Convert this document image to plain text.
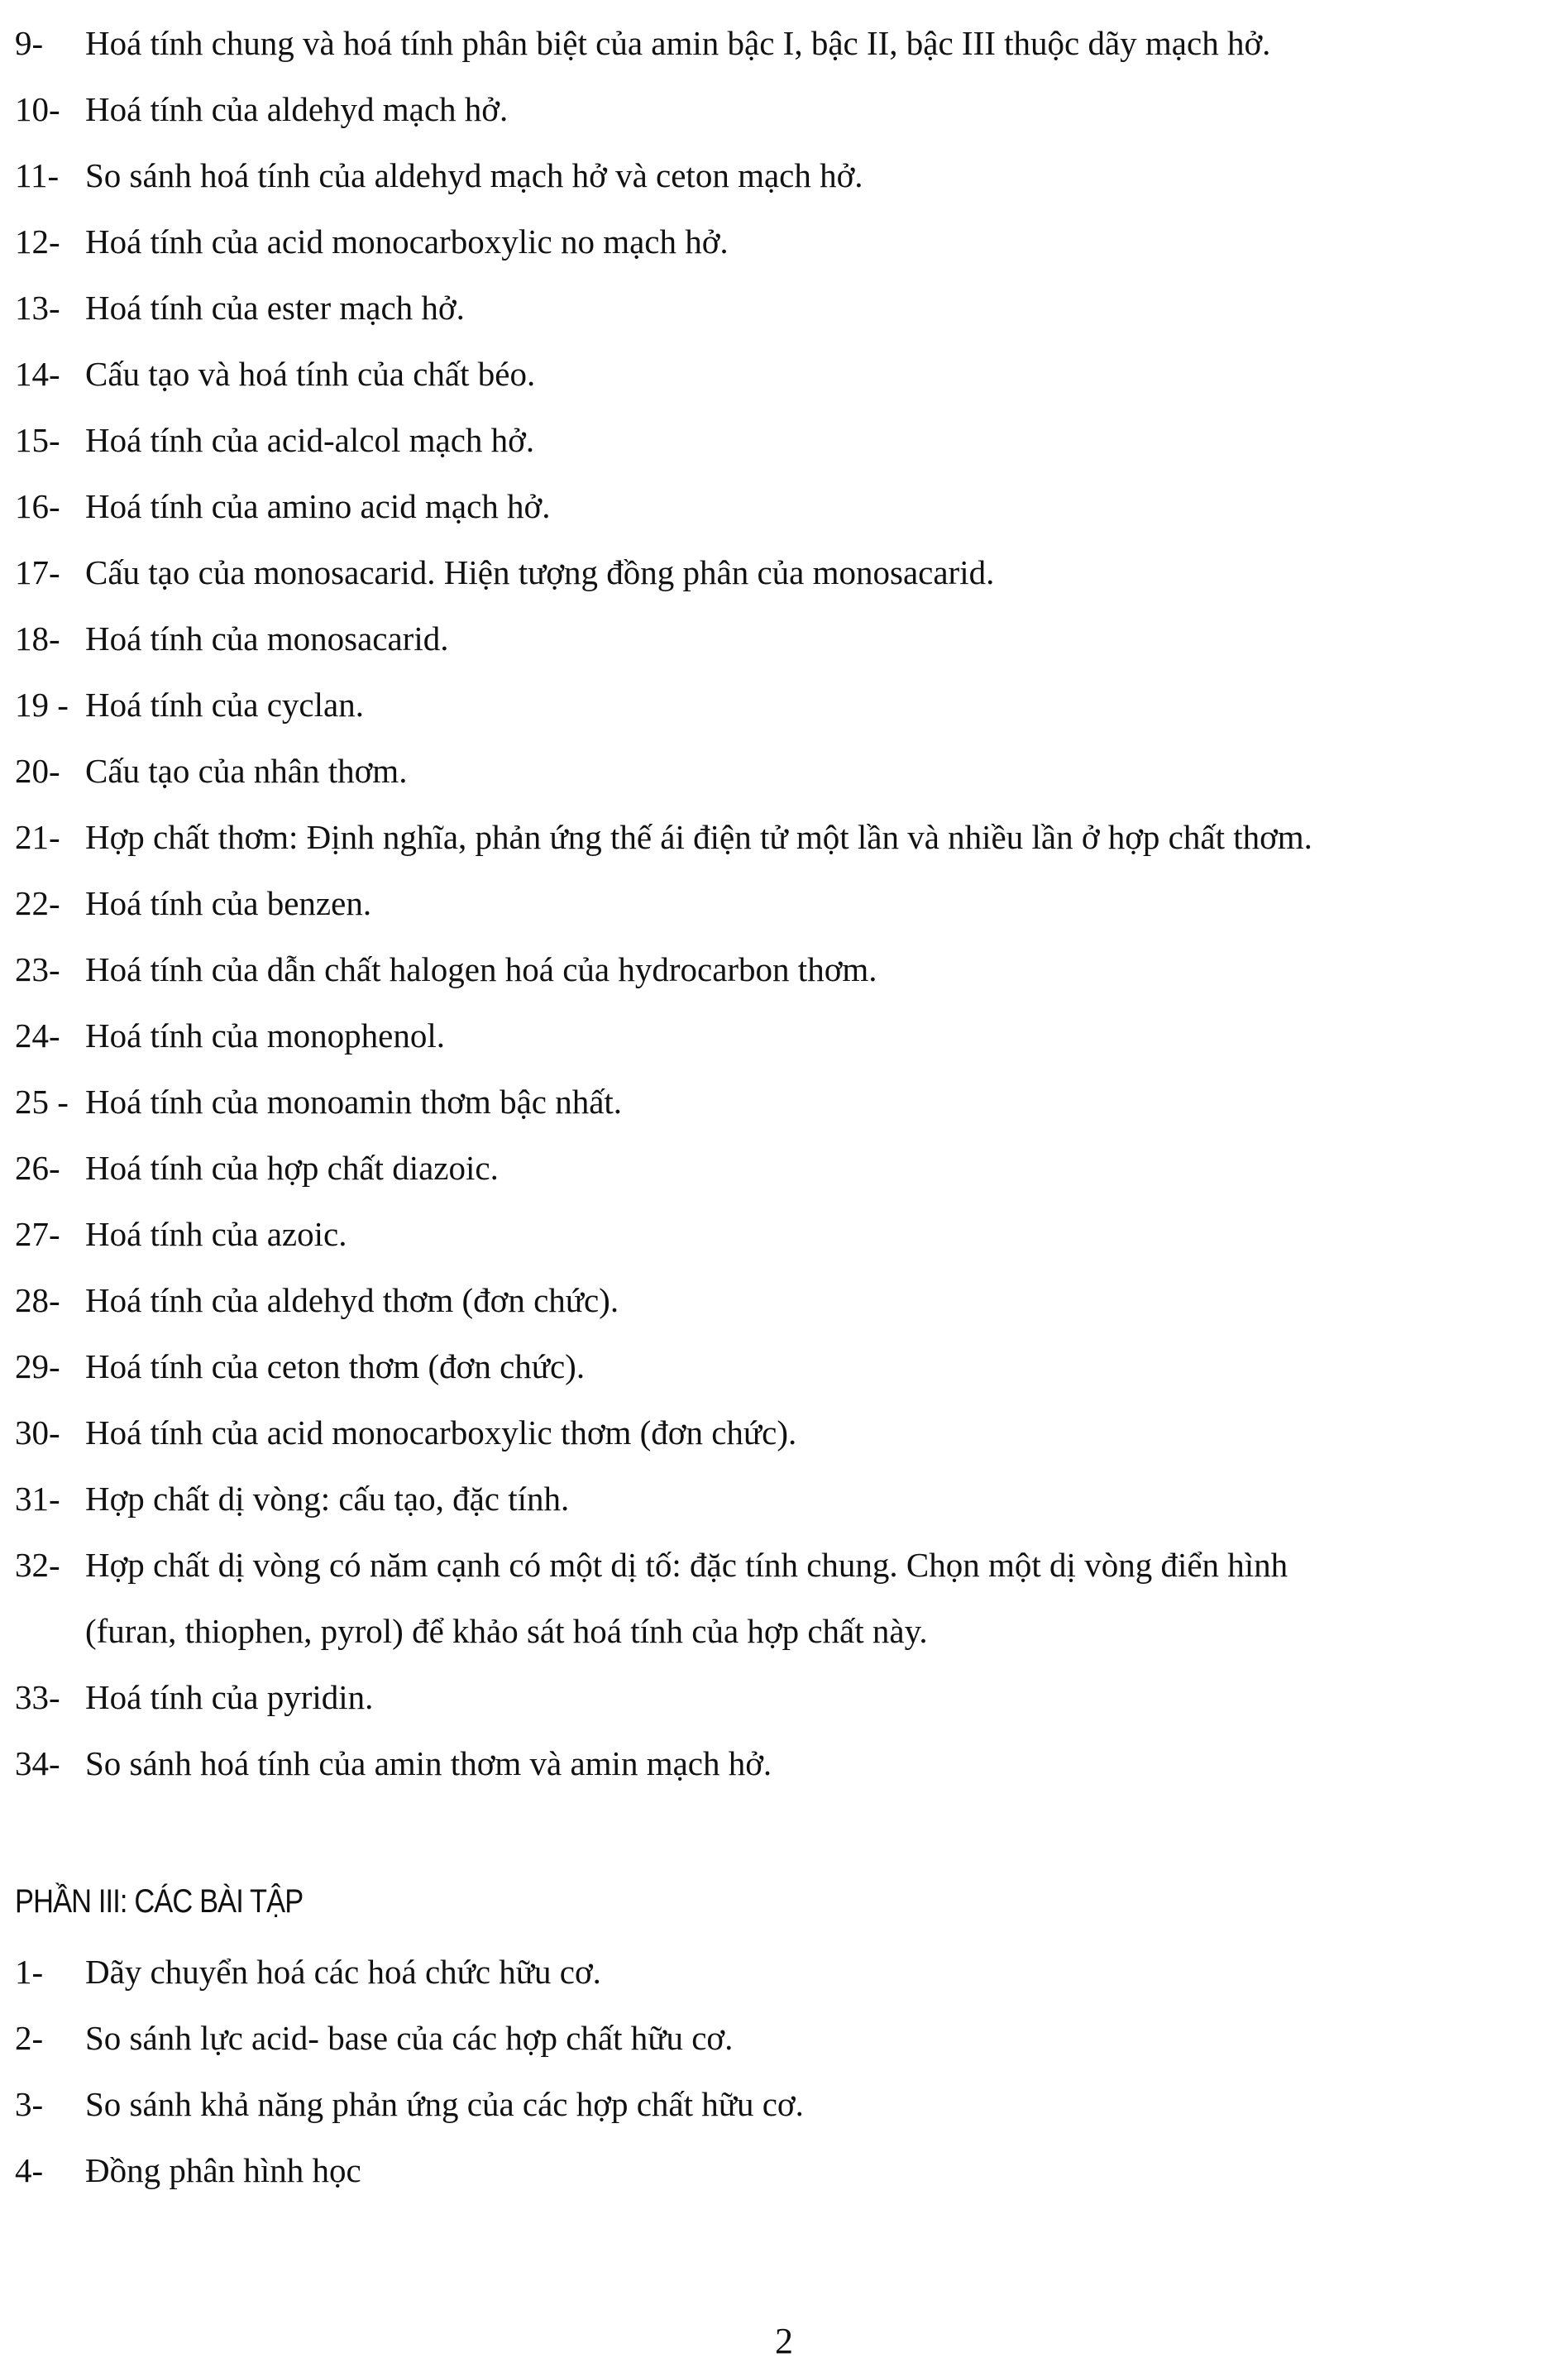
9-	Hoá tính chung và hoá tính phân biệt của amin bậc I, bậc II, bậc III thuộc dãy mạch hở.
10- Hoá tính của aldehyd mạch hở.
11- So sánh hoá tính của aldehyd mạch hở và ceton mạch hở.
12- Hoá tính của acid monocarboxylic no mạch hở.
13- Hoá tính của ester mạch hở.
14- Cấu tạo và hoá tính của chất béo.
15- Hoá tính của acid-alcol mạch hở.
16- Hoá tính của amino acid mạch hở.
17- Cấu tạo của monosacarid. Hiện tượng đồng phân của monosacarid.
18- Hoá tính của monosacarid.
19 - Hoá tính của cyclan.
20- Cấu tạo của nhân thơm.
21- Hợp chất thơm: Định nghĩa, phản ứng thế ái điện tử một lần và nhiều lần ở hợp chất thơm.
22- Hoá tính của benzen.
23- Hoá tính của dẫn chất halogen hoá của hydrocarbon thơm.
24- Hoá tính của monophenol.
25 - Hoá tính của monoamin thơm bậc nhất.
26- Hoá tính của hợp chất diazoic.
27- Hoá tính của azoic.
28- Hoá tính của aldehyd thơm (đơn chức).
29- Hoá tính của ceton thơm (đơn chức).
30- Hoá tính của acid monocarboxylic thơm (đơn chức).
31- Hợp chất dị vòng: cấu tạo, đặc tính.
32- Hợp chất dị vòng có năm cạnh có một dị tố: đặc tính chung. Chọn một dị vòng điển hình
(furan, thiophen, pyrol) để khảo sát hoá tính của hợp chất này.
33- Hoá tính của pyridin.
34- So sánh hoá tính của amin thơm và amin mạch hở.
PHẦN III: CÁC BÀI TẬP
1-	Dãy chuyển hoá các hoá chức hữu cơ.
2-	So sánh lực acid- base của các hợp chất hữu cơ.
3-	So sánh khả năng phản ứng của các hợp chất hữu cơ.
4-	Đồng phân hình học
2
